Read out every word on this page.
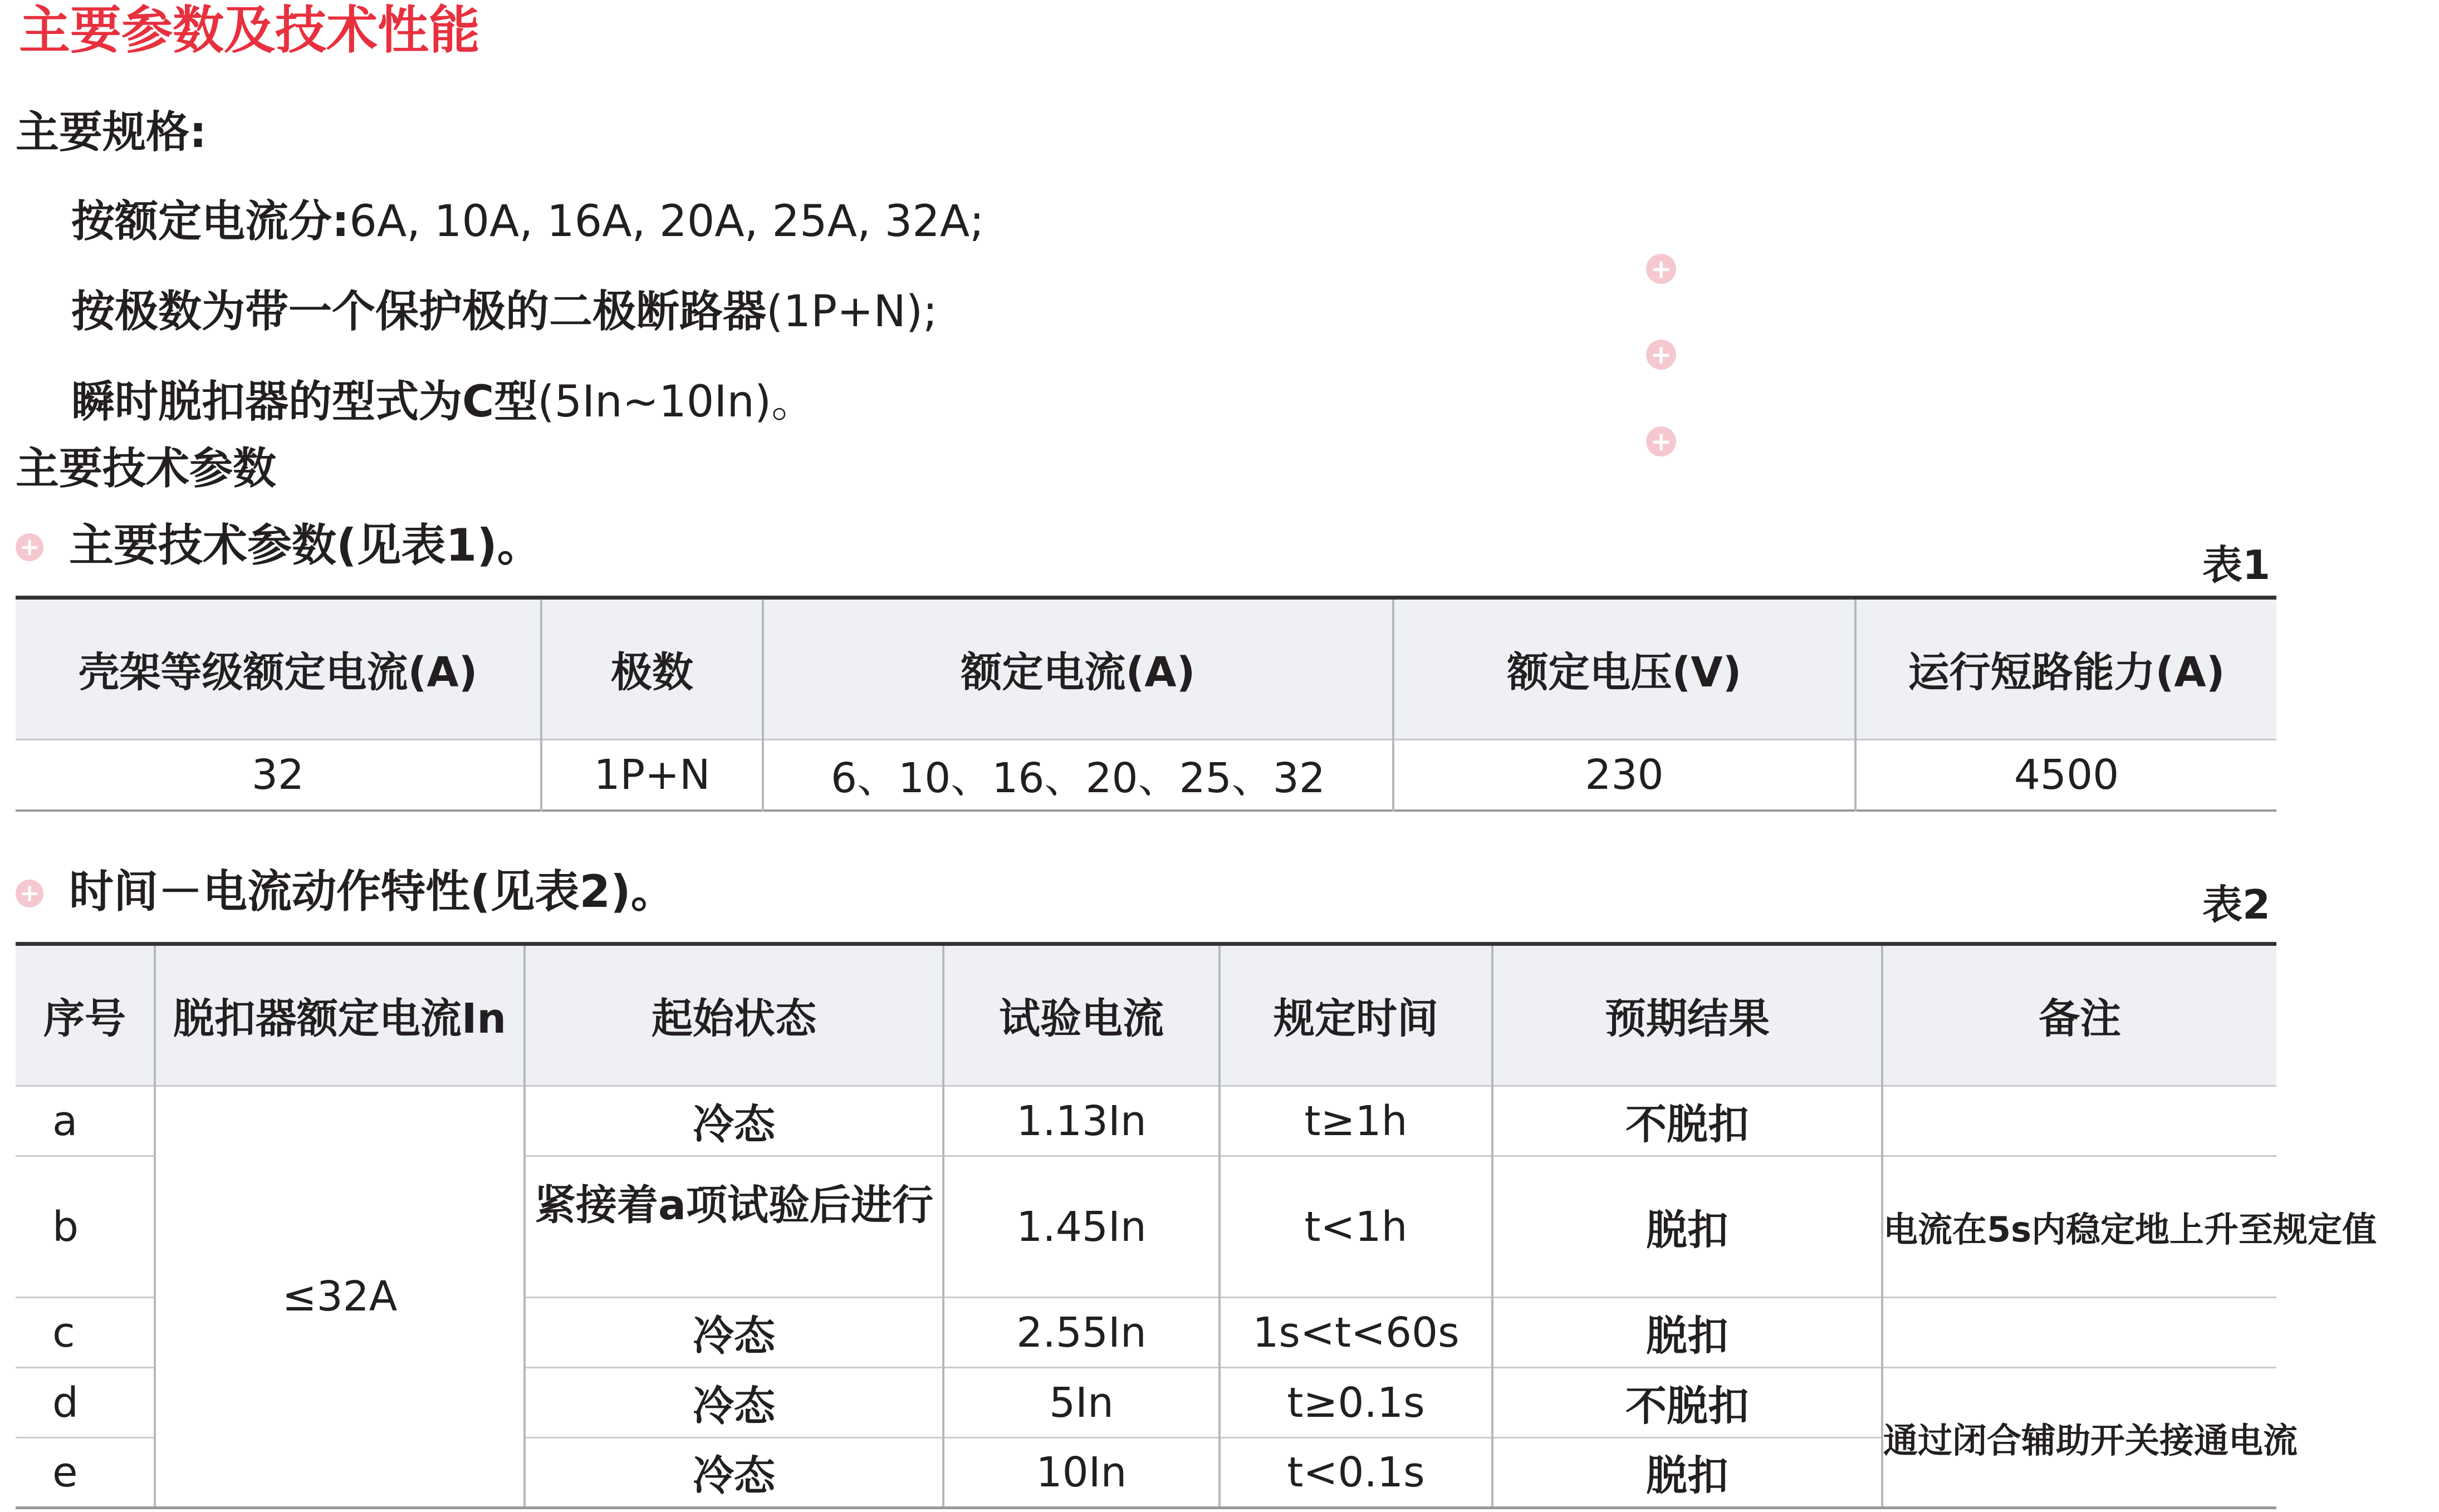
主要参数及技术性能
主要规格:
按额定电流分:6A, 10A, 16A, 20A, 25A, 32A;
按极数为带一个保护极的二极断路器(1P+N);
瞬时脱扣器的型式为C型(5In~10In)。
+
+
+
主要技术参数
+ 主要技术参数(见表1)。	表1
壳架等级额定电流(A)	极数	额定电流(A)	额定电压(V)	运行短路能力(A)
32	1P+N	6、10、16、20、25、32	230	4500
+ 时间－电流动作特性(见表2)。	表2
序号	脱扣器额定电流In	起始状态	试验电流	规定时间	预期结果	备注
a	≤32A	冷态	1.13In	t≥1h	不脱扣	
b		紧接着a项试验后进行	1.45In	t<1h	脱扣	电流在5s内稳定地上升至规定值
c		冷态	2.55In	1s<t<60s	脱扣	
d		冷态	5In	t≥0.1s	不脱扣	通过闭合辅助开关接通电流
e		冷态	10In	t<0.1s	脱扣	
